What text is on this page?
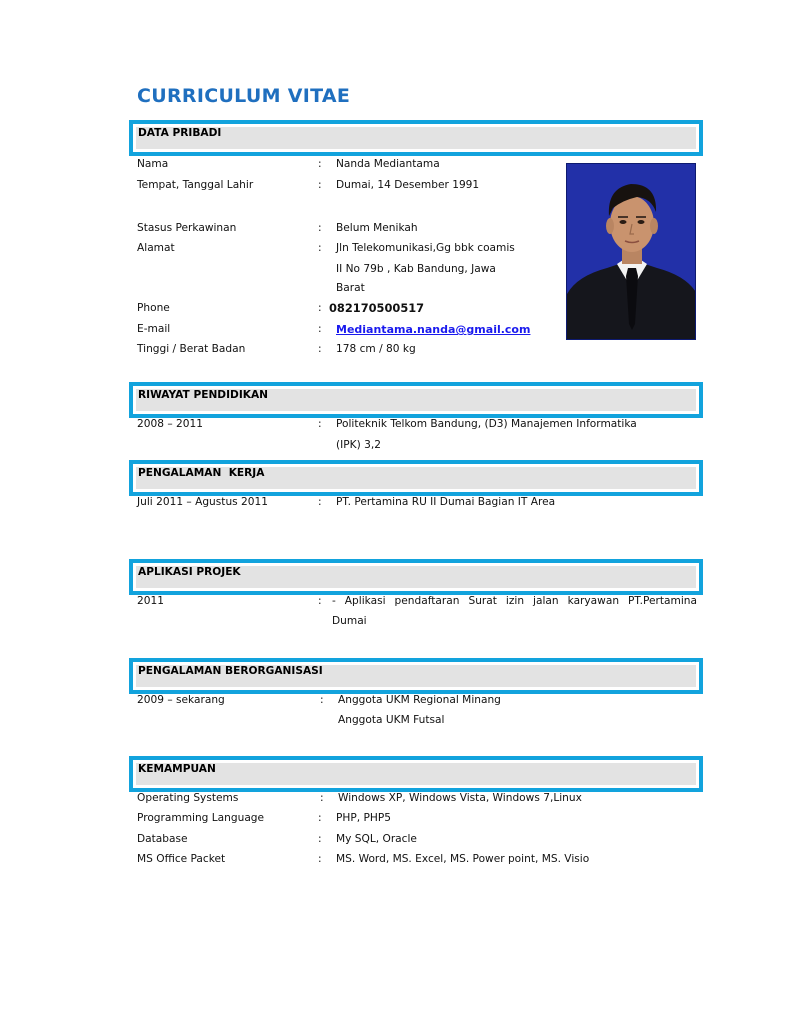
CURRICULUM VITAE
DATA PRIBADI
Nama	: Nanda Mediantama
Tempat, Tanggal Lahir	: Dumai, 14 Desember 1991
Stasus Perkawinan	: Belum Menikah
Alamat	: Jln Telekomunikasi,Gg bbk coamis
II No 79b , Kab Bandung, Jawa
Barat
Phone	: 082170500517
E-mail	: Mediantama.nanda@gmail.com
Tinggi / Berat Badan	: 178 cm / 80 kg
RIWAYAT PENDIDIKAN
2008 – 2011	: Politeknik Telkom Bandung, (D3) Manajemen Informatika
(IPK) 3,2
PENGALAMAN  KERJA
Juli 2011 – Agustus 2011	: PT. Pertamina RU II Dumai Bagian IT Area
APLIKASI PROJEK
2011	: -  Aplikasi  pendaftaran  Surat  izin  jalan  karyawan  PT.Pertamina
Dumai
PENGALAMAN BERORGANISASI
2009 – sekarang	: Anggota UKM Regional Minang
Anggota UKM Futsal
KEMAMPUAN
Operating Systems	: Windows XP, Windows Vista, Windows 7,Linux
Programming Language	: PHP, PHP5
Database	: My SQL, Oracle
MS Office Packet	: MS. Word, MS. Excel, MS. Power point, MS. Visio
